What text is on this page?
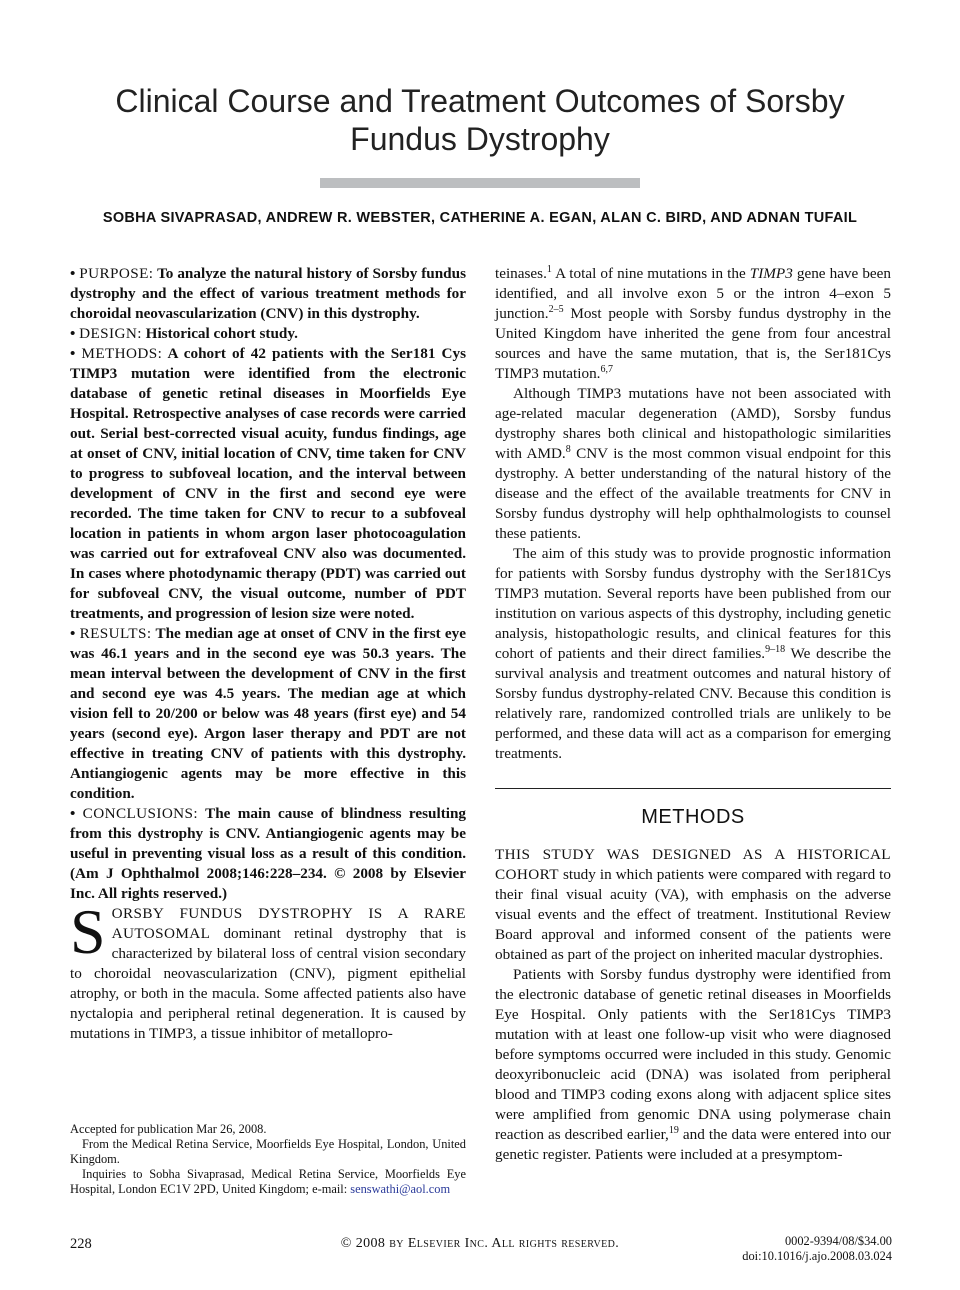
Clinical Course and Treatment Outcomes of Sorsby Fundus Dystrophy
SOBHA SIVAPRASAD, ANDREW R. WEBSTER, CATHERINE A. EGAN, ALAN C. BIRD, AND ADNAN TUFAIL

• PURPOSE: To analyze the natural history of Sorsby fundus dystrophy and the effect of various treatment methods for choroidal neovascularization (CNV) in this dystrophy.

• DESIGN: Historical cohort study.

• METHODS: A cohort of 42 patients with the Ser181 Cys TIMP3 mutation were identified from the electronic database of genetic retinal diseases in Moorfields Eye Hospital. Retrospective analyses of case records were carried out. Serial best-corrected visual acuity, fundus findings, age at onset of CNV, initial location of CNV, time taken for CNV to progress to subfoveal location, and the interval between development of CNV in the first and second eye were recorded. The time taken for CNV to recur to a subfoveal location in patients in whom argon laser photocoagulation was carried out for extrafoveal CNV also was documented. In cases where photodynamic therapy (PDT) was carried out for subfoveal CNV, the visual outcome, number of PDT treatments, and progression of lesion size were noted.

• RESULTS: The median age at onset of CNV in the first eye was 46.1 years and in the second eye was 50.3 years. The mean interval between the development of CNV in the first and second eye was 4.5 years. The median age at which vision fell to 20/200 or below was 48 years (first eye) and 54 years (second eye). Argon laser therapy and PDT are not effective in treating CNV of patients with this dystrophy. Antiangiogenic agents may be more effective in this condition.

• CONCLUSIONS: The main cause of blindness resulting from this dystrophy is CNV. Antiangiogenic agents may be useful in preventing visual loss as a result of this condition. (Am J Ophthalmol 2008;146:228–234. © 2008 by Elsevier Inc. All rights reserved.)

SORSBY FUNDUS DYSTROPHY IS A RARE AUTOSOMAL dominant retinal dystrophy that is characterized by bilateral loss of central vision secondary to choroidal neovascularization (CNV), pigment epithelial atrophy, or both in the macula. Some affected patients also have nyctalopia and peripheral retinal degeneration. It is caused by mutations in TIMP3, a tissue inhibitor of metallopro-

Accepted for publication Mar 26, 2008.

From the Medical Retina Service, Moorfields Eye Hospital, London, United Kingdom.

Inquiries to Sobha Sivaprasad, Medical Retina Service, Moorfields Eye Hospital, London EC1V 2PD, United Kingdom; e-mail: senswathi@aol.com

teinases.$^1$ A total of nine mutations in the TIMP3 gene have been identified, and all involve exon 5 or the intron 4–exon 5 junction.$^{2-5}$ Most people with Sorsby fundus dystrophy in the United Kingdom have inherited the gene from four ancestral sources and have the same mutation, that is, the Ser181Cys TIMP3 mutation.$^{6,7}$

Although TIMP3 mutations have not been associated with age-related macular degeneration (AMD), Sorsby fundus dystrophy shares both clinical and histopathologic similarities with AMD.$^8$ CNV is the most common visual endpoint for this dystrophy. A better understanding of the natural history of the disease and the effect of the available treatments for CNV in Sorsby fundus dystrophy will help ophthalmologists to counsel these patients.

The aim of this study was to provide prognostic information for patients with Sorsby fundus dystrophy with the Ser181Cys TIMP3 mutation. Several reports have been published from our institution on various aspects of this dystrophy, including genetic analysis, histopathologic results, and clinical features for this cohort of patients and their direct families.$^{9-18}$ We describe the survival analysis and treatment outcomes and natural history of Sorsby fundus dystrophy-related CNV. Because this condition is relatively rare, randomized controlled trials are unlikely to be performed, and these data will act as a comparison for emerging treatments.

METHODS

THIS STUDY WAS DESIGNED AS A HISTORICAL COHORT study in which patients were compared with regard to their final visual acuity (VA), with emphasis on the adverse visual events and the effect of treatment. Institutional Review Board approval and informed consent of the patients were obtained as part of the project on inherited macular dystrophies.

Patients with Sorsby fundus dystrophy were identified from the electronic database of genetic retinal diseases in Moorfields Eye Hospital. Only patients with the Ser181Cys TIMP3 mutation with at least one follow-up visit who were diagnosed before symptoms occurred were included in this study. Genomic deoxyribonucleic acid (DNA) was isolated from peripheral blood and TIMP3 coding exons along with adjacent splice sites were amplified from genomic DNA using polymerase chain reaction as described earlier,$^{19}$ and the data were entered into our genetic register. Patients were included at a presymptom-

228	© 2008 by Elsevier Inc. All rights reserved.	0002-9394/08/$34.00
doi:10.1016/j.ajo.2008.03.024
